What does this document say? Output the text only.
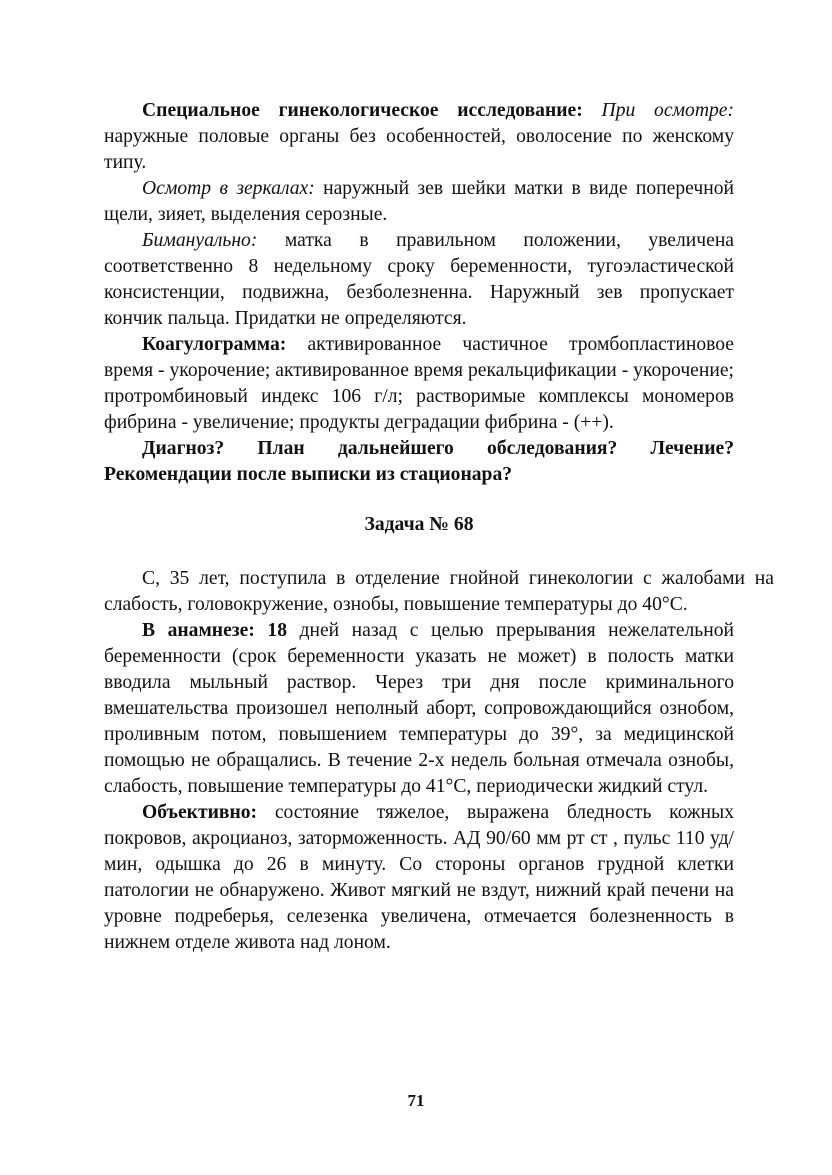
Специальное гинекологическое исследование: При осмотре: наружные половые органы без особенностей, оволосение по женскому типу.

Осмотр в зеркалах: наружный зев шейки матки в виде поперечной щели, зияет, выделения серозные.

Бимануально: матка в правильном положении, увеличена соответственно 8 недельному сроку беременности, тугоэластической консистенции, подвижна, безболезненна. Наружный зев пропускает кончик пальца. Придатки не определяются.

Коагулограмма: активированное частичное тромбопластиновое время - укорочение; активированное время рекальцификации - укорочение; протромбиновый индекс 106 г/л; растворимые комплексы мономеров фибрина - увеличение; продукты деградации фибрина - (++).

Диагноз? План дальнейшего обследования? Лечение? Рекомендации после выписки из стационара?

Задача № 68

С, 35 лет, поступила в отделение гнойной гинекологии с жалобами на слабость, головокружение, ознобы, повышение температуры до 40°С.

В анамнезе: 18 дней назад с целью прерывания нежелательной беременности (срок беременности указать не может) в полость матки вводила мыльный раствор. Через три дня после криминального вмешательства произошел неполный аборт, сопровождающийся ознобом, проливным потом, повышением температуры до 39°, за медицинской помощью не обращались. В течение 2-х недель больная отмечала ознобы, слабость, повышение температуры до 41°С, периодически жидкий стул.

Объективно: состояние тяжелое, выражена бледность кожных покровов, акроцианоз, заторможенность. АД 90/60 мм рт ст , пульс 110 уд/мин, одышка до 26 в минуту. Со стороны органов грудной клетки патологии не обнаружено. Живот мягкий не вздут, нижний край печени на уровне подреберья, селезенка увеличена, отмечается болезненность в нижнем отделе живота над лоном.

71
